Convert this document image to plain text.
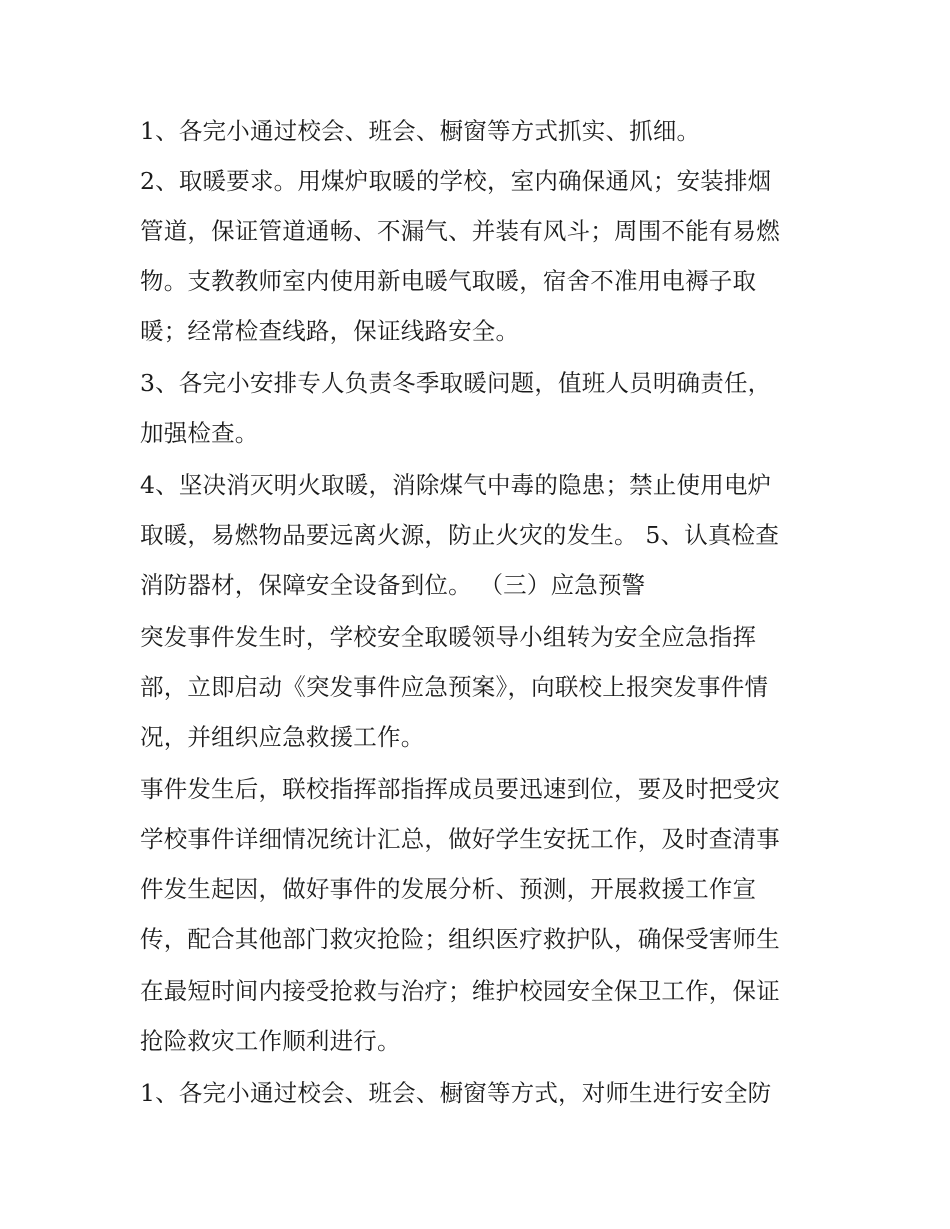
1、各完小通过校会、班会、橱窗等方式抓实、抓细。
2、取暖要求。用煤炉取暖的学校，室内确保通风；安装排烟
管道，保证管道通畅、不漏气、并装有风斗；周围不能有易燃
物。支教教师室内使用新电暖气取暖，宿舍不准用电褥子取
暖；经常检查线路，保证线路安全。
3、各完小安排专人负责冬季取暖问题，值班人员明确责任，
加强检查。
4、坚决消灭明火取暖，消除煤气中毒的隐患；禁止使用电炉
取暖，易燃物品要远离火源，防止火灾的发生。 5、认真检查
消防器材，保障安全设备到位。 （三）应急预警
突发事件发生时，学校安全取暖领导小组转为安全应急指挥
部，立即启动《突发事件应急预案》，向联校上报突发事件情
况，并组织应急救援工作。
事件发生后，联校指挥部指挥成员要迅速到位，要及时把受灾
学校事件详细情况统计汇总，做好学生安抚工作，及时查清事
件发生起因，做好事件的发展分析、预测，开展救援工作宣
传，配合其他部门救灾抢险；组织医疗救护队，确保受害师生
在最短时间内接受抢救与治疗；维护校园安全保卫工作，保证
抢险救灾工作顺利进行。
1、各完小通过校会、班会、橱窗等方式，对师生进行安全防
